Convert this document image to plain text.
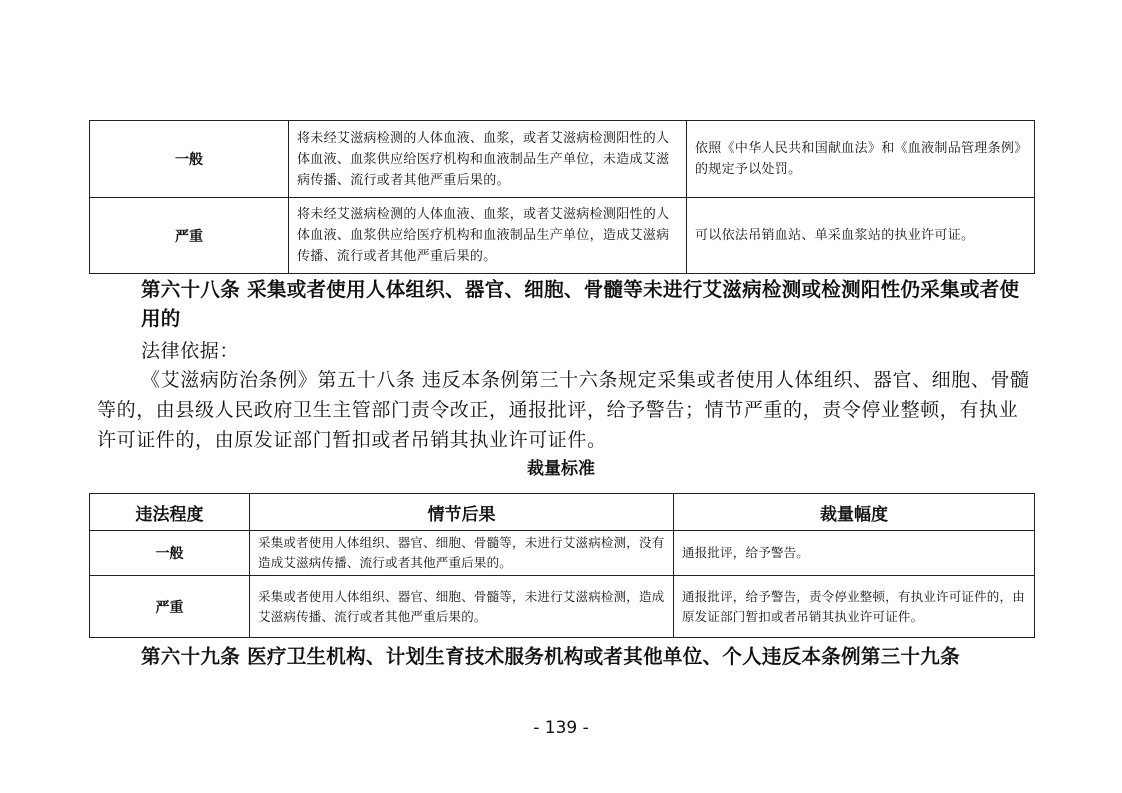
一般	将未经艾滋病检测的人体血液、血浆，或者艾滋病检测阳性的人体血液、血浆供应给医疗机构和血液制品生产单位，未造成艾滋病传播、流行或者其他严重后果的。	依照《中华人民共和国献血法》和《血液制品管理条例》的规定予以处罚。
严重	将未经艾滋病检测的人体血液、血浆，或者艾滋病检测阳性的人体血液、血浆供应给医疗机构和血液制品生产单位，造成艾滋病传播、流行或者其他严重后果的。	可以依法吊销血站、单采血浆站的执业许可证。
第六十八条 采集或者使用人体组织、器官、细胞、骨髓等未进行艾滋病检测或检测阳性仍采集或者使用的
法律依据：
《艾滋病防治条例》第五十八条 违反本条例第三十六条规定采集或者使用人体组织、器官、细胞、骨髓等的，由县级人民政府卫生主管部门责令改正，通报批评，给予警告；情节严重的，责令停业整顿，有执业许可证件的，由原发证部门暂扣或者吊销其执业许可证件。
裁量标准
违法程度	情节后果	裁量幅度
一般	采集或者使用人体组织、器官、细胞、骨髓等，未进行艾滋病检测，没有造成艾滋病传播、流行或者其他严重后果的。	通报批评，给予警告。
严重	采集或者使用人体组织、器官、细胞、骨髓等，未进行艾滋病检测，造成艾滋病传播、流行或者其他严重后果的。	通报批评，给予警告，责令停业整顿，有执业许可证件的，由原发证部门暂扣或者吊销其执业许可证件。
第六十九条 医疗卫生机构、计划生育技术服务机构或者其他单位、个人违反本条例第三十九条
- 139 -
